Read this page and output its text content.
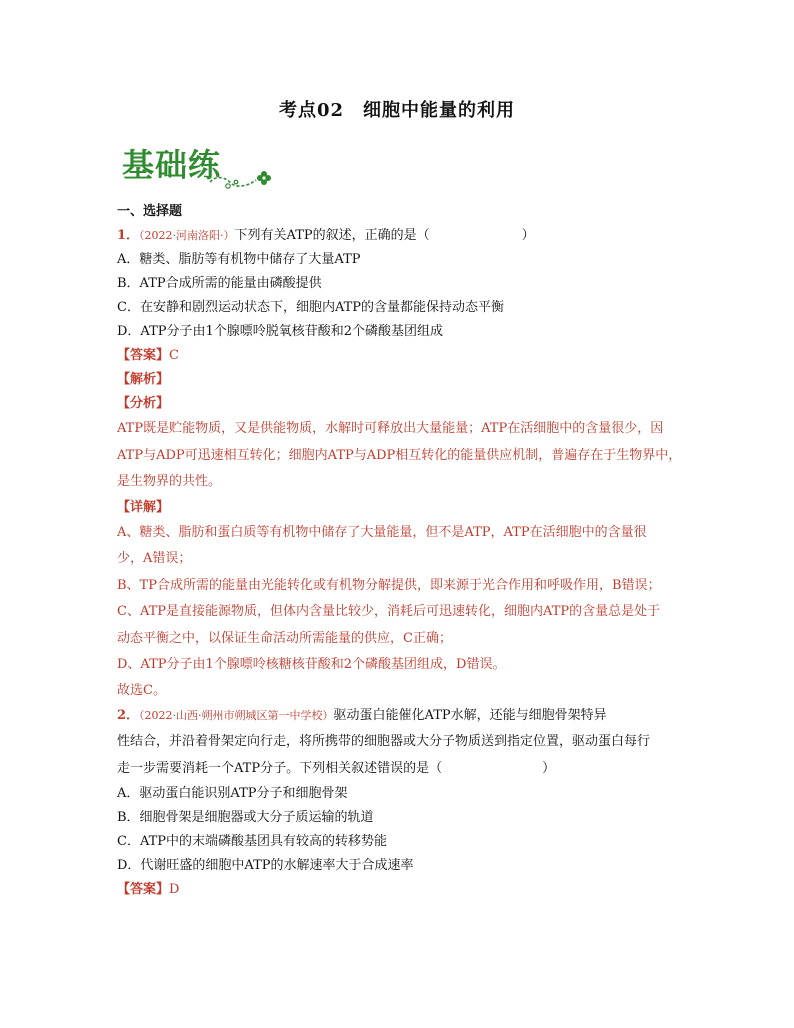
考点02　细胞中能量的利用
基础练
一、选择题
1．（2022·河南洛阳·）下列有关ATP的叙述，正确的是（	）
A．糖类、脂肪等有机物中储存了大量ATP
B．ATP合成所需的能量由磷酸提供
C．在安静和剧烈运动状态下，细胞内ATP的含量都能保持动态平衡
D．ATP分子由1个腺嘌呤脱氧核苷酸和2个磷酸基团组成
【答案】C
【解析】
【分析】
ATP既是贮能物质，又是供能物质，水解时可释放出大量能量；ATP在活细胞中的含量很少，因
ATP与ADP可迅速相互转化；细胞内ATP与ADP相互转化的能量供应机制，普遍存在于生物界中，
是生物界的共性。
【详解】
A、糖类、脂肪和蛋白质等有机物中储存了大量能量，但不是ATP，ATP在活细胞中的含量很
少，A错误；
B、TP合成所需的能量由光能转化或有机物分解提供，即来源于光合作用和呼吸作用，B错误；
C、ATP是直接能源物质，但体内含量比较少，消耗后可迅速转化，细胞内ATP的含量总是处于
动态平衡之中，以保证生命活动所需能量的供应，C正确；
D、ATP分子由1个腺嘌呤核糖核苷酸和2个磷酸基团组成，D错误。
故选C。
2．（2022·山西·朔州市朔城区第一中学校）驱动蛋白能催化ATP水解，还能与细胞骨架特异
性结合，并沿着骨架定向行走，将所携带的细胞器或大分子物质送到指定位置，驱动蛋白每行
走一步需要消耗一个ATP分子。下列相关叙述错误的是（	）
A．驱动蛋白能识别ATP分子和细胞骨架
B．细胞骨架是细胞器或大分子质运输的轨道
C．ATP中的末端磷酸基团具有较高的转移势能
D．代谢旺盛的细胞中ATP的水解速率大于合成速率
【答案】D
